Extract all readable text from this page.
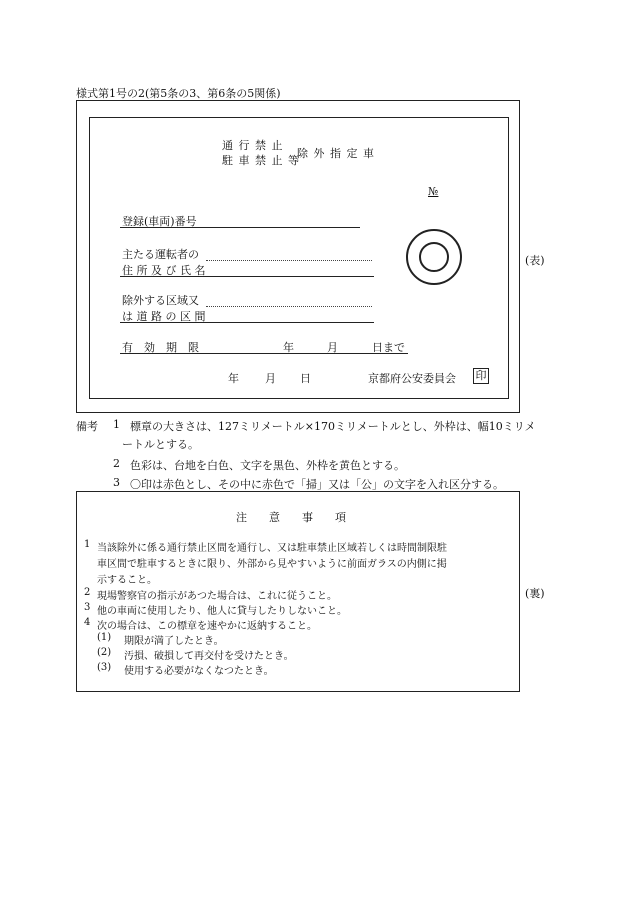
様式第1号の2(第5条の3、第6条の5関係)
通 行 禁 止
駐 車 禁 止 等
除 外 指 定 車
№
登録(車両)番号
主たる運転者の
住 所 及 び 氏 名
除外する区域又
は 道 路 の 区 間
有　効　期　限	年	月	日まで
年 月 日	京都府公安委員会 印
(表)
備考 1 標章の大きさは、127ミリメートル×170ミリメートルとし、外枠は、幅10ミリメ
ートルとする。
2 色彩は、台地を白色、文字を黒色、外枠を黄色とする。
3 〇印は赤色とし、その中に赤色で「掃」又は「公」の文字を入れ区分する。
注　　意　　事　　項
1 当該除外に係る通行禁止区間を通行し、又は駐車禁止区域若しくは時間制限駐
車区間で駐車するときに限り、外部から見やすいように前面ガラスの内側に掲
示すること。
2 現場警察官の指示があつた場合は、これに従うこと。
3 他の車両に使用したり、他人に貸与したりしないこと。
4 次の場合は、この標章を速やかに返納すること。
(1) 期限が満了したとき。
(2) 汚損、破損して再交付を受けたとき。
(3) 使用する必要がなくなつたとき。
(裏)
